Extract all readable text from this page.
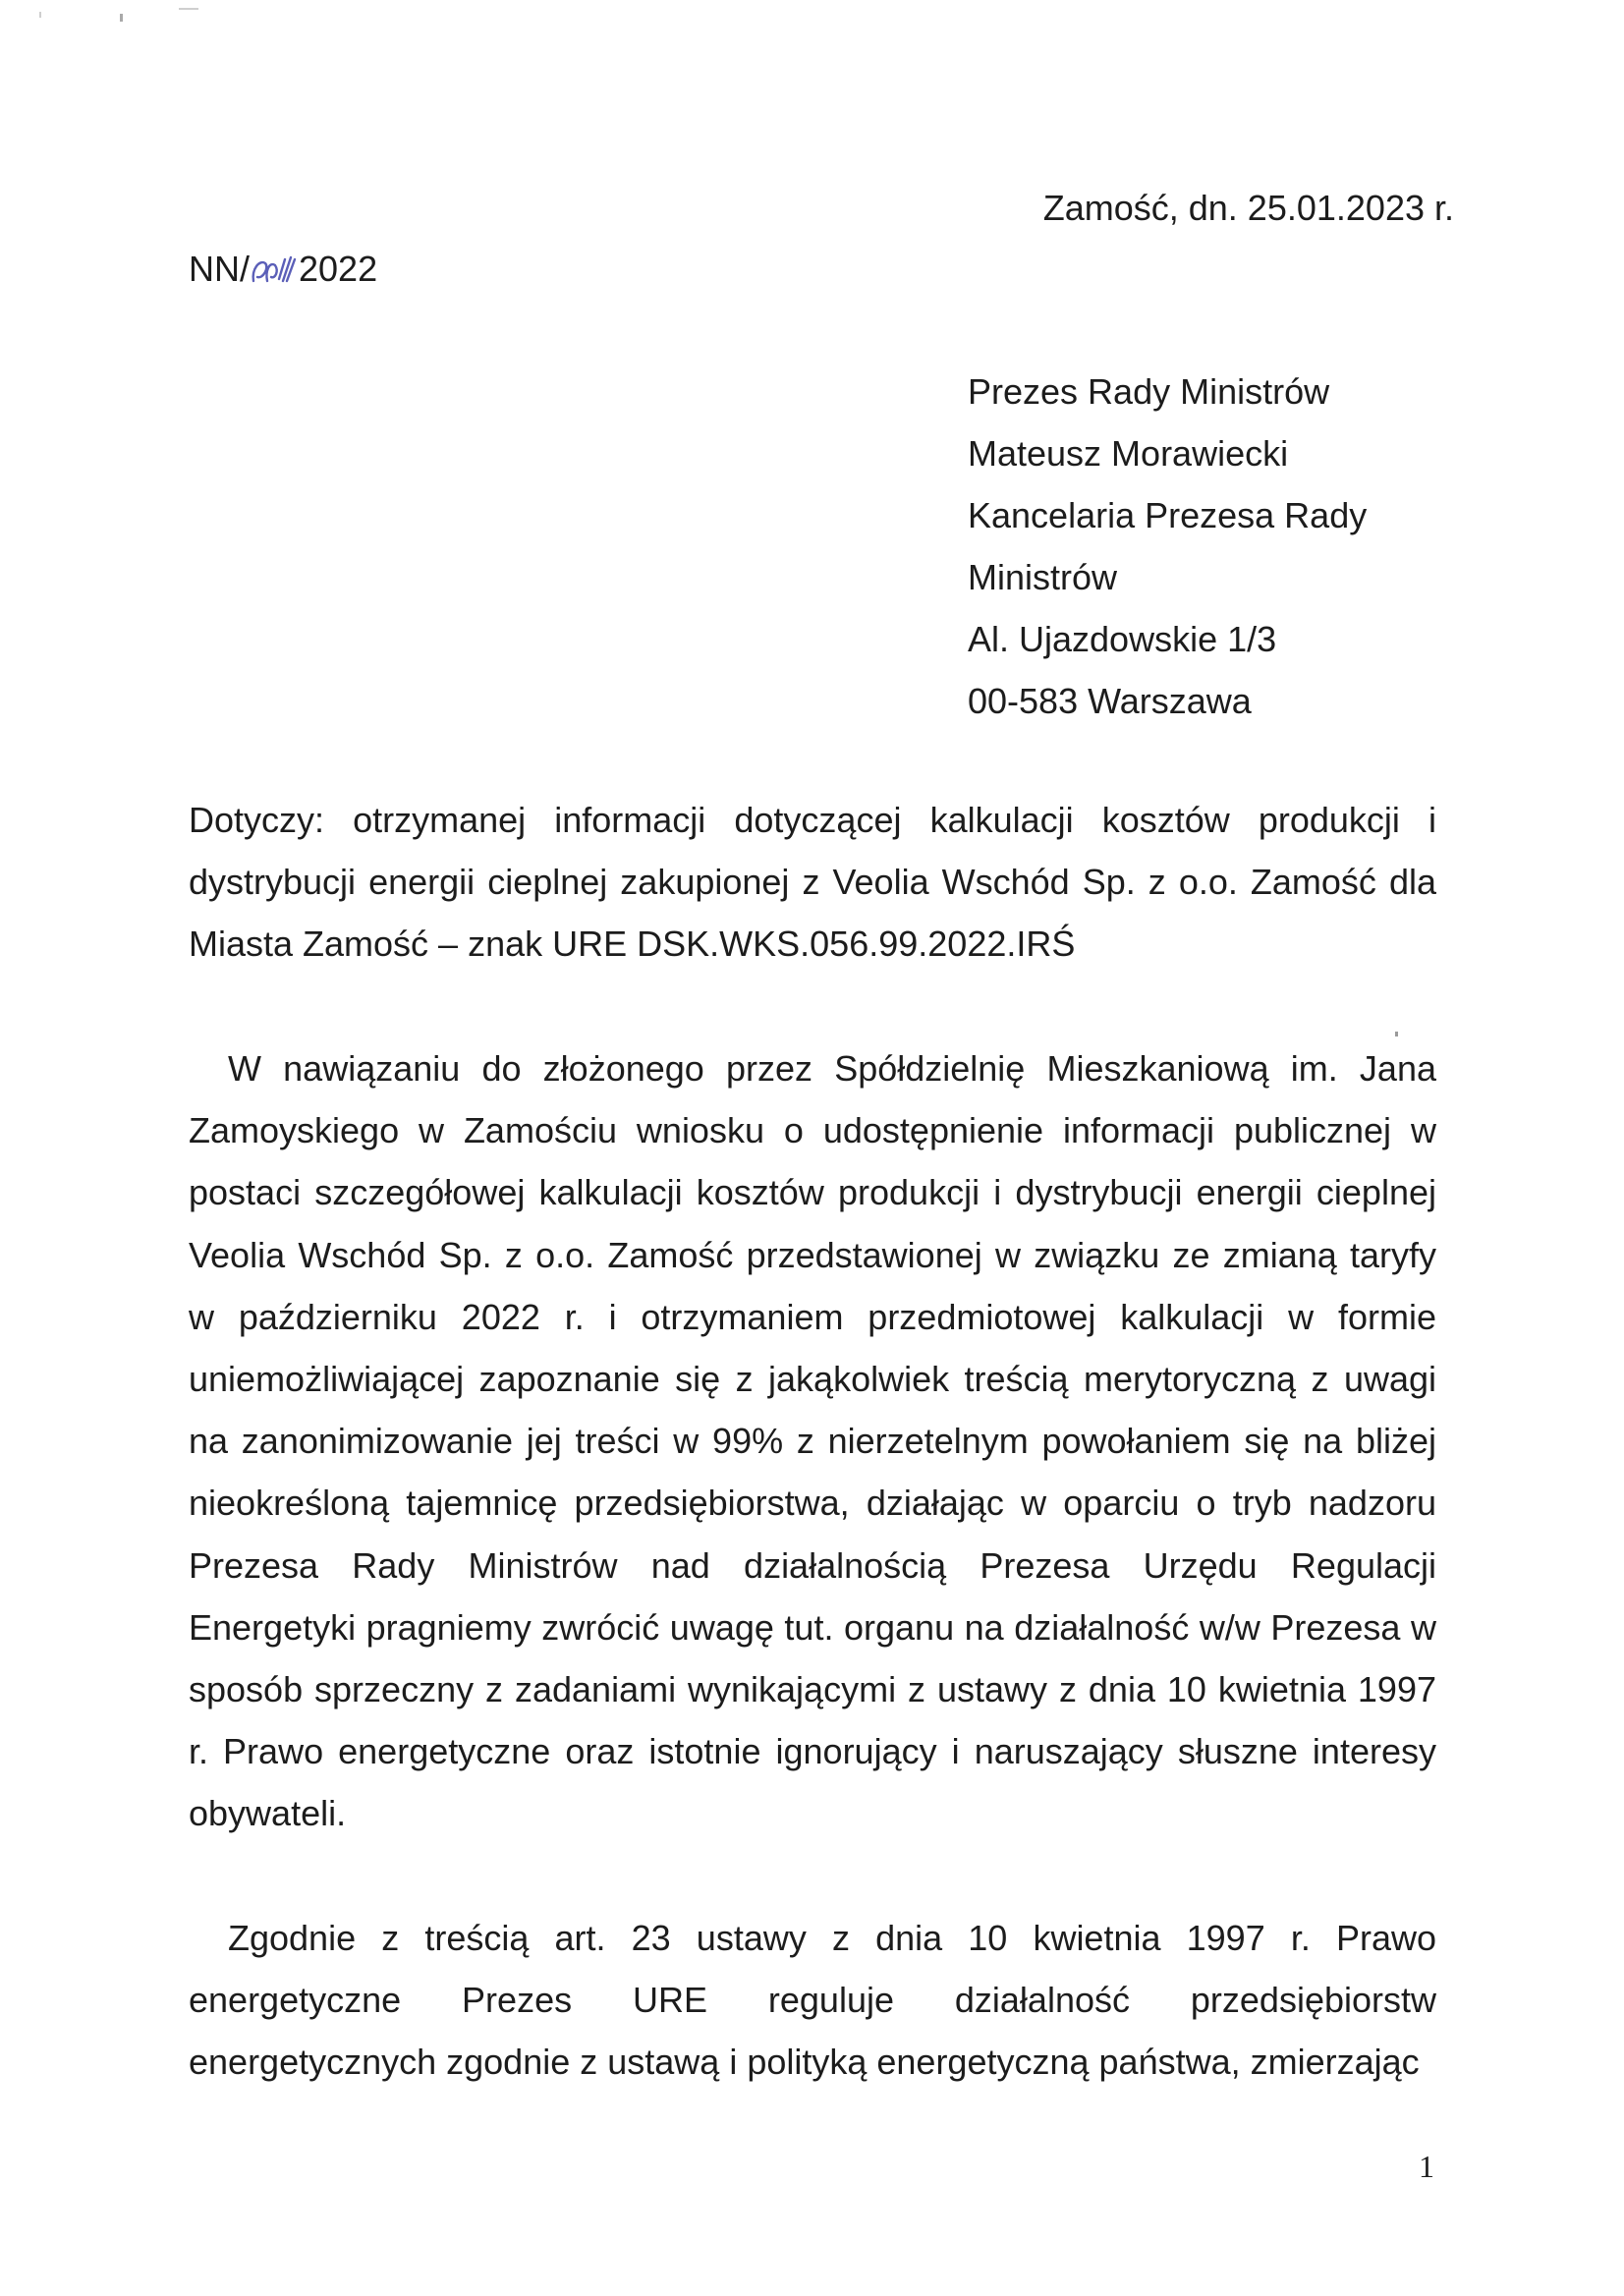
Zamość, dn. 25.01.2023 r.
NN/ 2022
Prezes Rady Ministrów
Mateusz Morawiecki
Kancelaria Prezesa Rady
Ministrów
Al. Ujazdowskie 1/3
00-583 Warszawa
Dotyczy: otrzymanej informacji dotyczącej kalkulacji kosztów produkcji i dystrybucji energii cieplnej zakupionej z Veolia Wschód Sp. z o.o. Zamość dla Miasta Zamość – znak URE DSK.WKS.056.99.2022.IRŚ
W nawiązaniu do złożonego przez Spółdzielnię Mieszkaniową im. Jana Zamoyskiego w Zamościu wniosku o udostępnienie informacji publicznej w postaci szczegółowej kalkulacji kosztów produkcji i dystrybucji energii cieplnej Veolia Wschód Sp. z o.o. Zamość przedstawionej w związku ze zmianą taryfy w październiku 2022 r. i otrzymaniem przedmiotowej kalkulacji w formie uniemożliwiającej zapoznanie się z jakąkolwiek treścią merytoryczną z uwagi na zanonimizowanie jej treści w 99% z nierzetelnym powołaniem się na bliżej nieokreśloną tajemnicę przedsiębiorstwa, działając w oparciu o tryb nadzoru Prezesa Rady Ministrów nad działalnością Prezesa Urzędu Regulacji Energetyki pragniemy zwrócić uwagę tut. organu na działalność w/w Prezesa w sposób sprzeczny z zadaniami wynikającymi z ustawy z dnia 10 kwietnia 1997 r. Prawo energetyczne oraz istotnie ignorujący i naruszający słuszne interesy obywateli.
Zgodnie z treścią art. 23 ustawy z dnia 10 kwietnia 1997 r. Prawo energetyczne Prezes URE reguluje działalność przedsiębiorstw energetycznych zgodnie z ustawą i polityką energetyczną państwa, zmierzając
1
